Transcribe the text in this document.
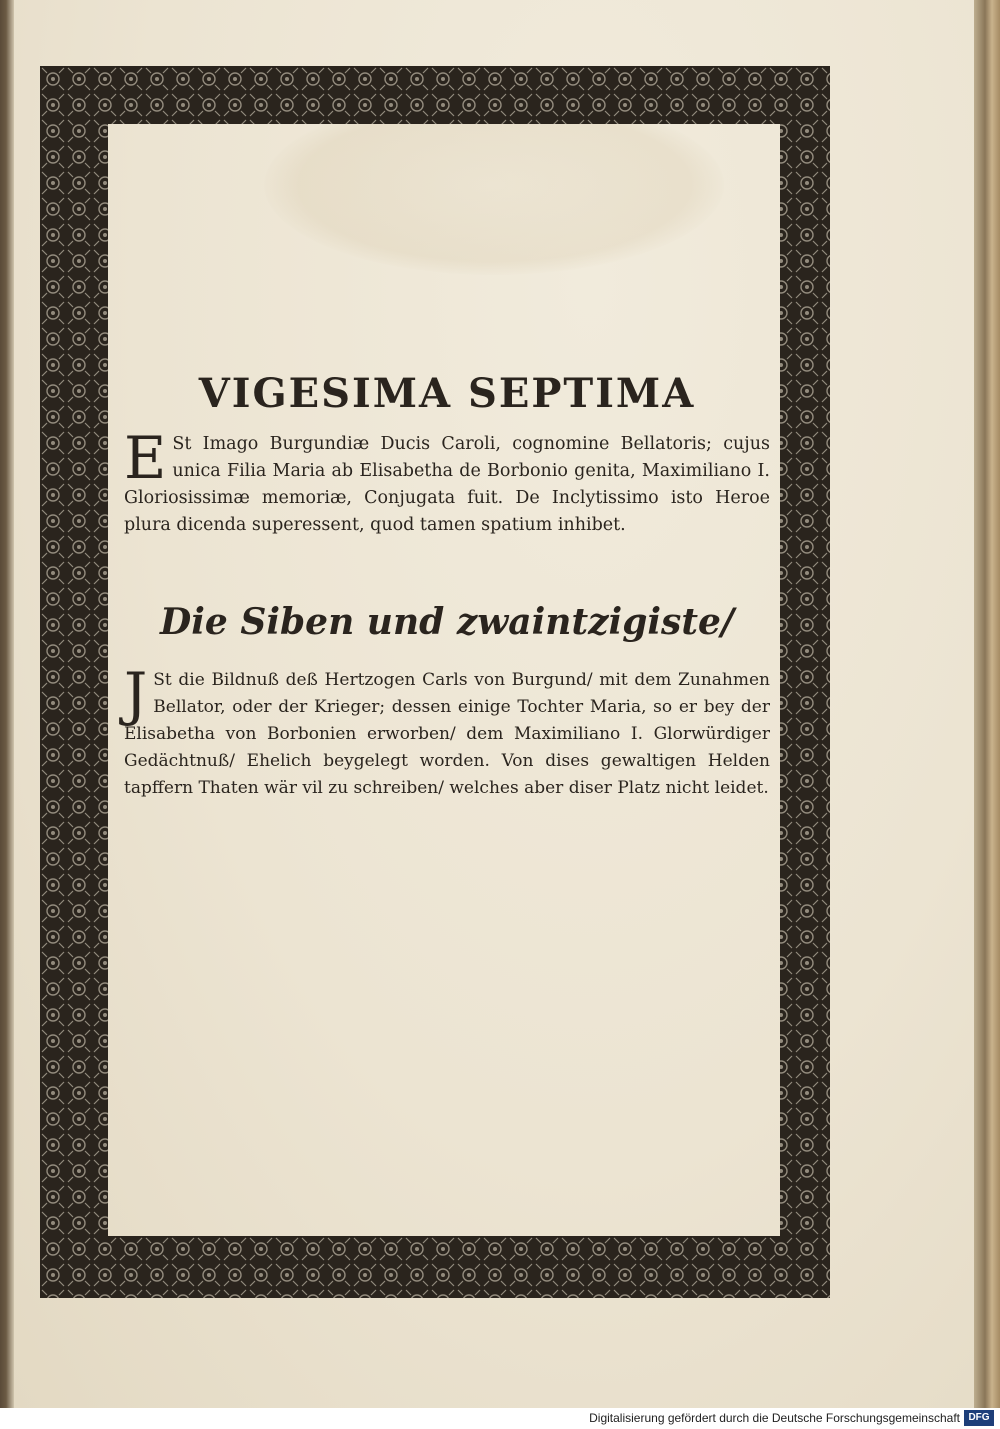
VIGESIMA SEPTIMA

E St Imago Burgundiæ Ducis Caroli, cognomine Bellatoris; cujus unica Filia Maria ab Elisabetha de Borbonio genita, Maximiliano I. Gloriosissimæ memoriæ, Conjugata fuit. De Inclytissimo isto Heroe plura dicenda superessent, quod tamen spatium inhibet.

Die Siben und zwaintzigiste/

J St die Bildnuß deß Hertzogen Carls von Burgund/ mit dem Zunahmen Bellator, oder der Krieger; dessen einige Tochter Maria, so er bey der Elisabetha von Borbonien erworben/ dem Maximiliano I. Glorwürdiger Gedächtnuß/ Ehelich beygelegt worden. Von dises gewaltigen Helden tapffern Thaten wär vil zu schreiben/ welches aber diser Platz nicht leidet.

Digitalisierung gefördert durch die Deutsche Forschungsgemeinschaft DFG
